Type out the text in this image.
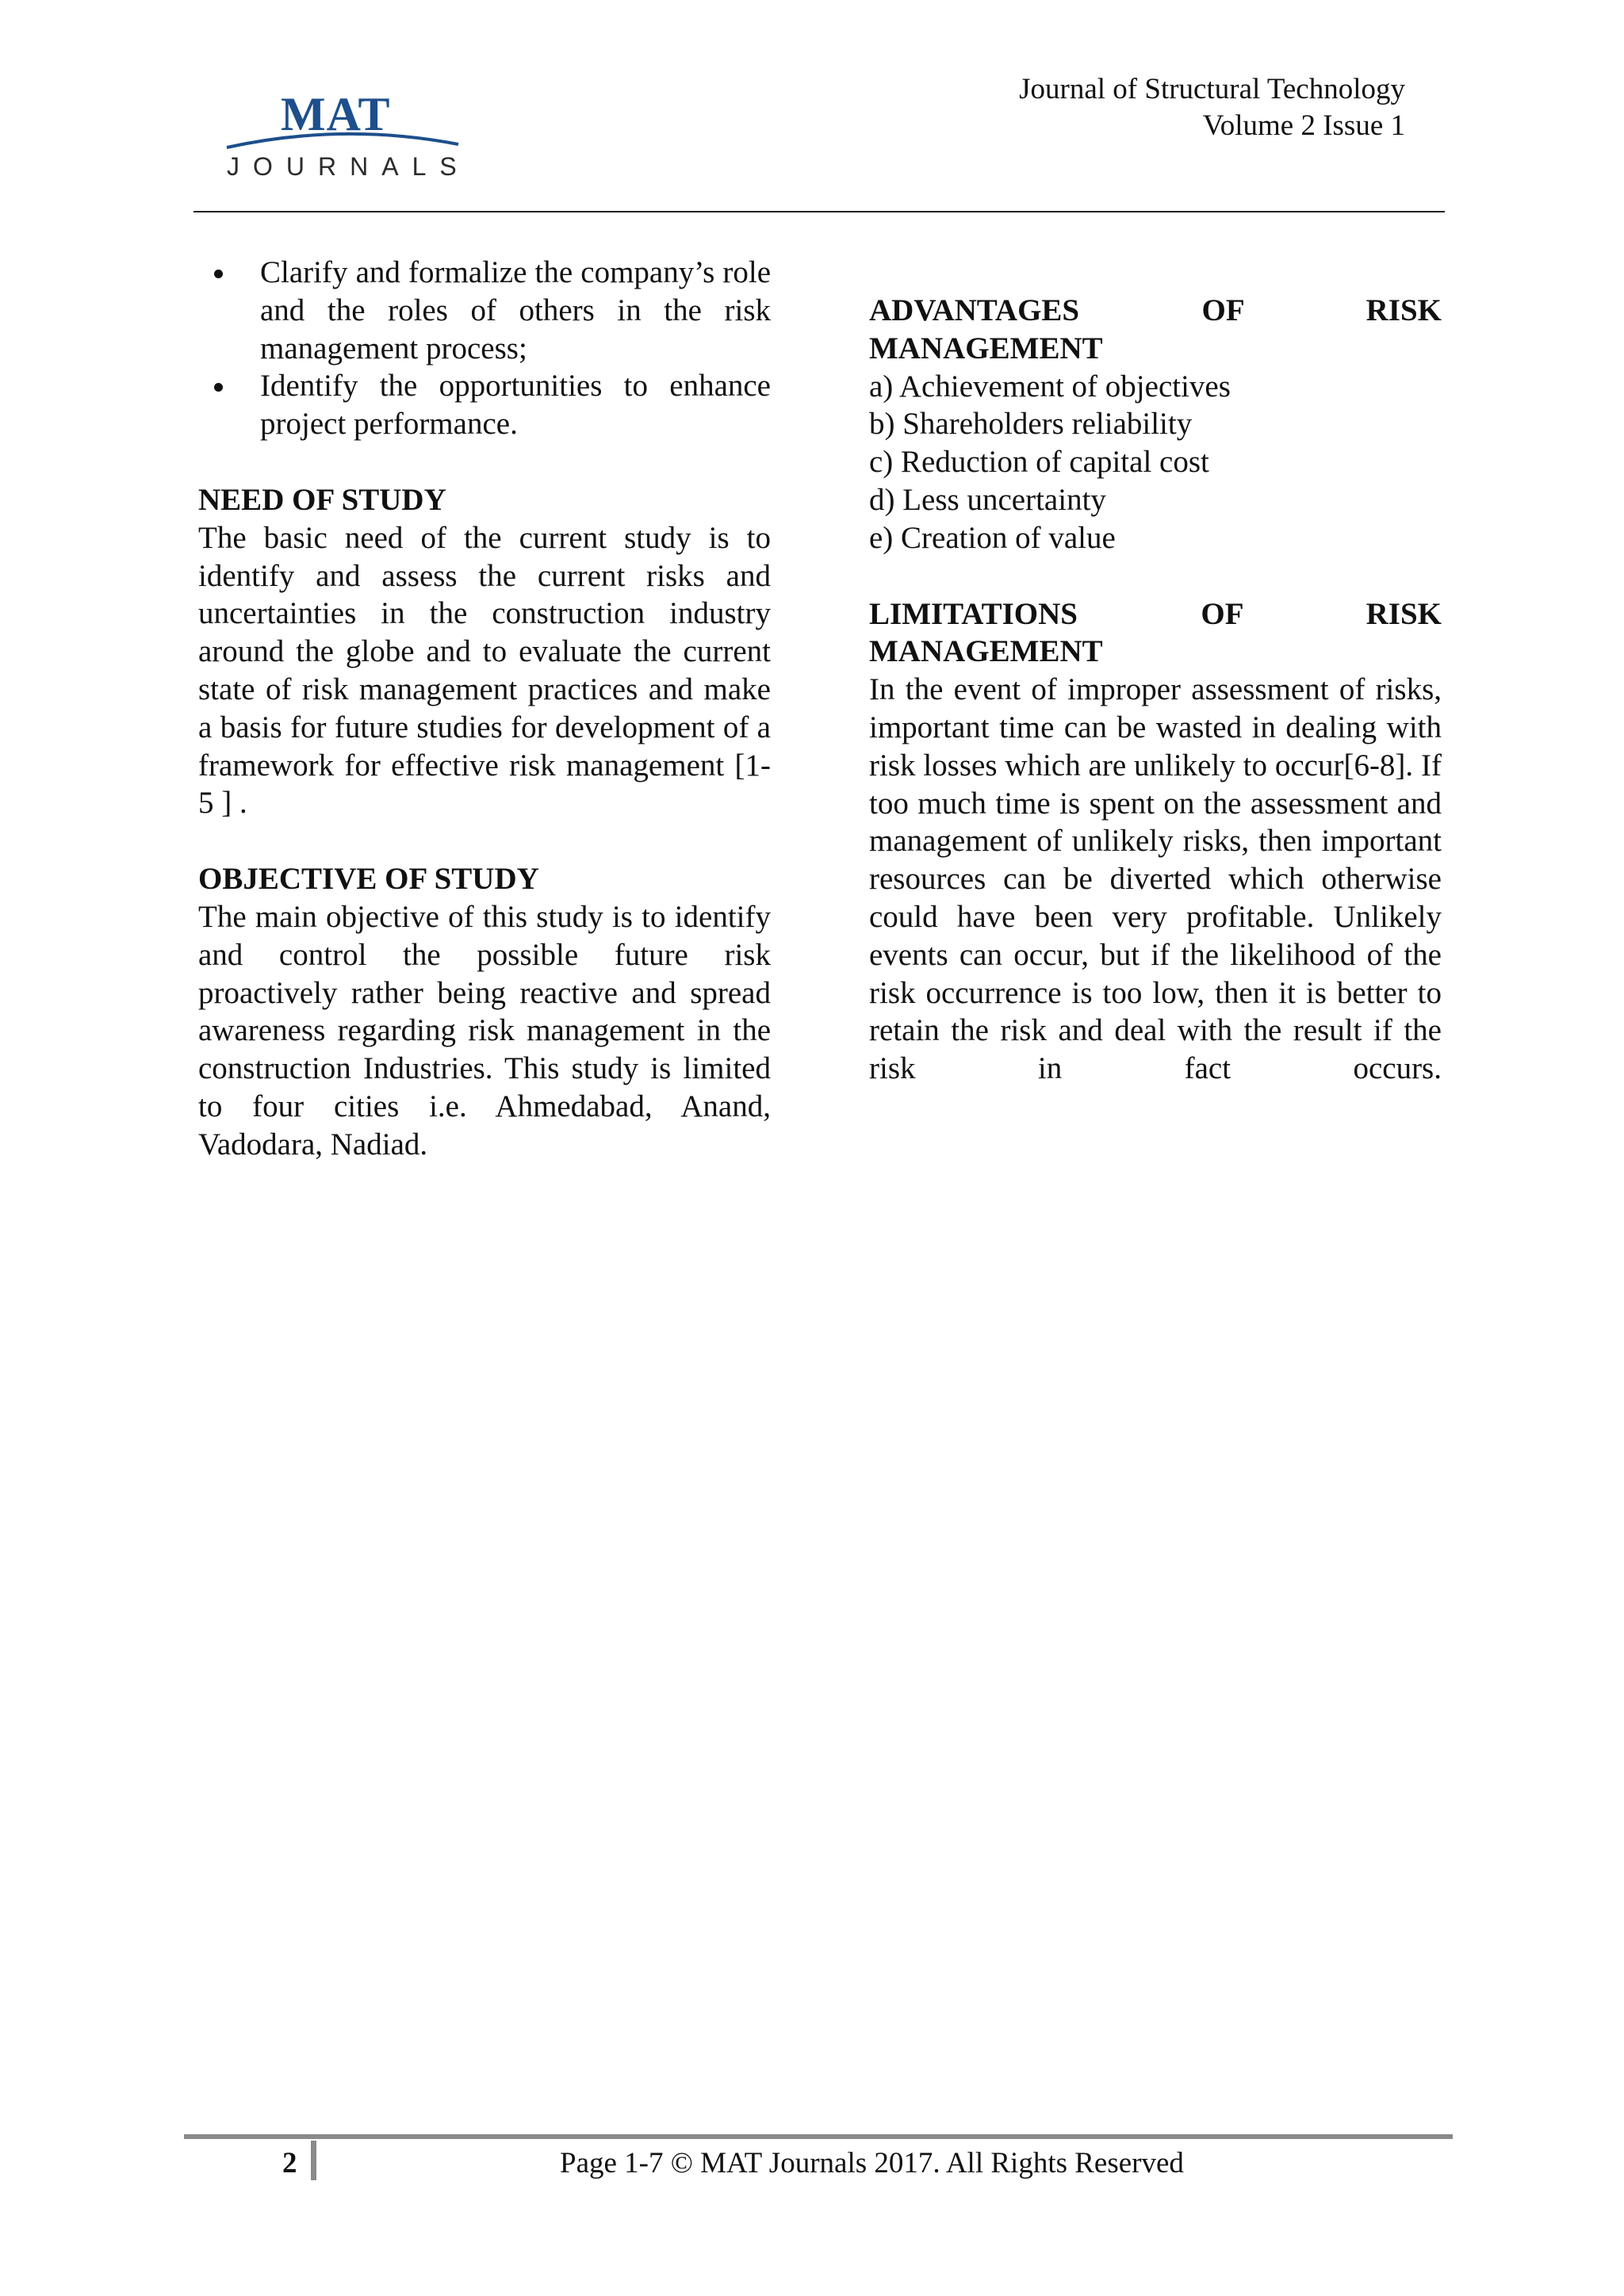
MAT
JOURNALS
Journal of Structural Technology
Volume 2 Issue 1
Clarify and formalize the company’s role and the roles of others in the risk management process;
Identify the opportunities to enhance project performance.

NEED OF STUDY

The basic need of the current study is to identify and assess the current risks and uncertainties in the construction industry around the globe and to evaluate the current state of risk management practices and make a basis for future studies for development of a framework for effective risk management [1-5 ] .

OBJECTIVE OF STUDY

The main objective of this study is to identify and control the possible future risk proactively rather being reactive and spread awareness regarding risk management in the construction Industries. This study is limited to four cities i.e. Ahmedabad, Anand, Vadodara, Nadiad.

ADVANTAGES OF RISK

MANAGEMENT

a) Achievement of objectives
b) Shareholders reliability
c) Reduction of capital cost
d) Less uncertainty
e) Creation of value

LIMITATIONS OF RISK

MANAGEMENT

In the event of improper assessment of risks, important time can be wasted in dealing with risk losses which are unlikely to occur[6-8]. If too much time is spent on the assessment and management of unlikely risks, then important resources can be diverted which otherwise could have been very profitable. Unlikely events can occur, but if the likelihood of the risk occurrence is too low, then it is better to retain the risk and deal with the result if the risk in fact occurs.

2	Page 1-7 © MAT Journals 2017. All Rights Reserved
